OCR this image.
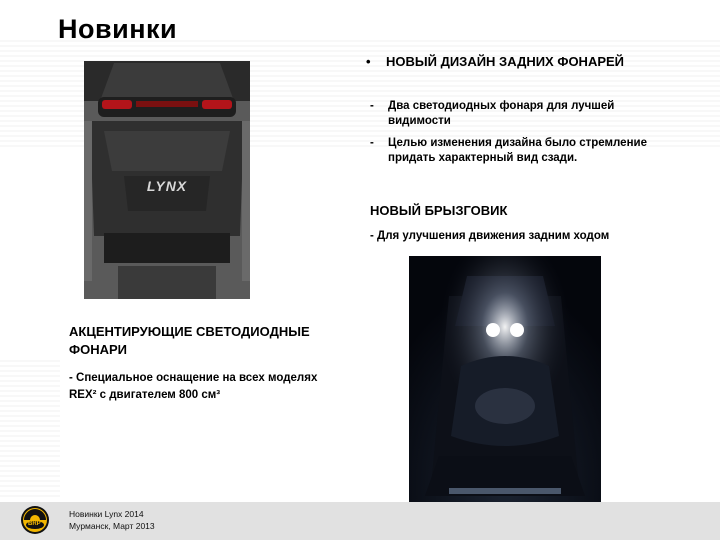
Новинки
LYNX
• НОВЫЙ ДИЗАЙН ЗАДНИХ ФОНАРЕЙ
- Два светодиодных фонаря для лучшей видимости
- Целью изменения дизайна было стремление придать характерный вид сзади.
НОВЫЙ БРЫЗГОВИК
- Для улучшения движения задним ходом
АКЦЕНТИРУЮЩИЕ СВЕТОДИОДНЫЕ ФОНАРИ
- Специальное оснащение на всех моделях REX² с двигателем 800 см³
BRP
Новинки Lynx 2014
Мурманск, Март 2013
